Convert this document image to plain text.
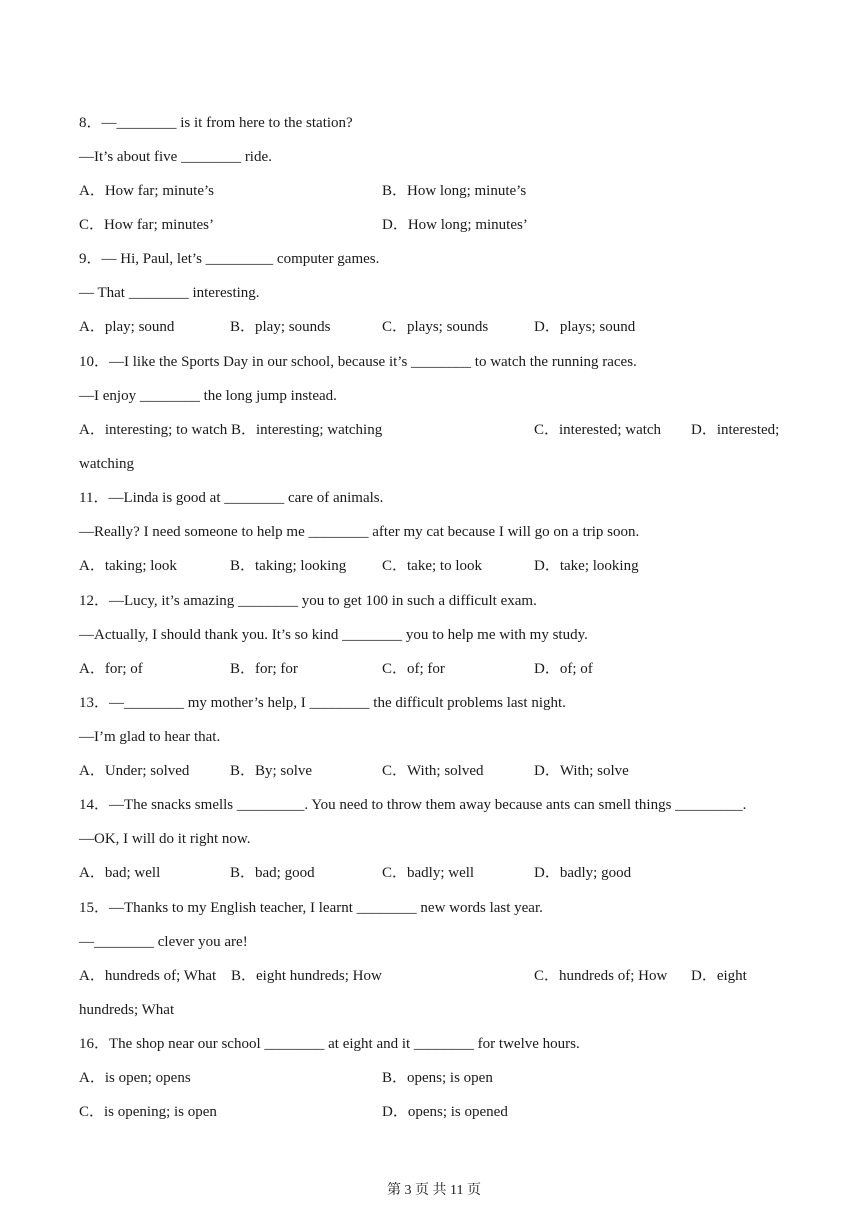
8．—________ is it from here to the station?
—It’s about five ________ ride.
A．How far; minute’s	B．How long; minute’s
C．How far; minutes’	D．How long; minutes’
9．— Hi, Paul, let’s _________ computer games.
— That ________ interesting.
A．play; sound	B．play; sounds	C．plays; sounds	D．plays; sound
10．—I like the Sports Day in our school, because it’s ________ to watch the running races.
—I enjoy ________ the long jump instead.
A．interesting; to watch B．interesting; watching	C．interested; watch D．interested;
watching
11．—Linda is good at ________ care of animals.
—Really? I need someone to help me ________ after my cat because I will go on a trip soon.
A．taking; look	B．taking; looking C．take; to look	D．take; looking
12．—Lucy, it’s amazing ________ you to get 100 in such a difficult exam.
—Actually, I should thank you. It’s so kind ________ you to help me with my study.
A．for; of	B．for; for	C．of; for	D．of; of
13．—________ my mother’s help, I ________ the difficult problems last night.
—I’m glad to hear that.
A．Under; solved	B．By; solve	C．With; solved	D．With; solve
14．—The snacks smells _________. You need to throw them away because ants can smell things _________.
—OK, I will do it right now.
A．bad; well	B．bad; good	C．badly; well	D．badly; good
15．—Thanks to my English teacher, I learnt ________ new words last year.
—________ clever you are!
A．hundreds of; What B．eight hundreds; How	C．hundreds of; How D．eight
hundreds; What
16．The shop near our school ________ at eight and it ________ for twelve hours.
A．is open; opens	B．opens; is open
C．is opening; is open	D．opens; is opened
第 3 页 共 11 页
